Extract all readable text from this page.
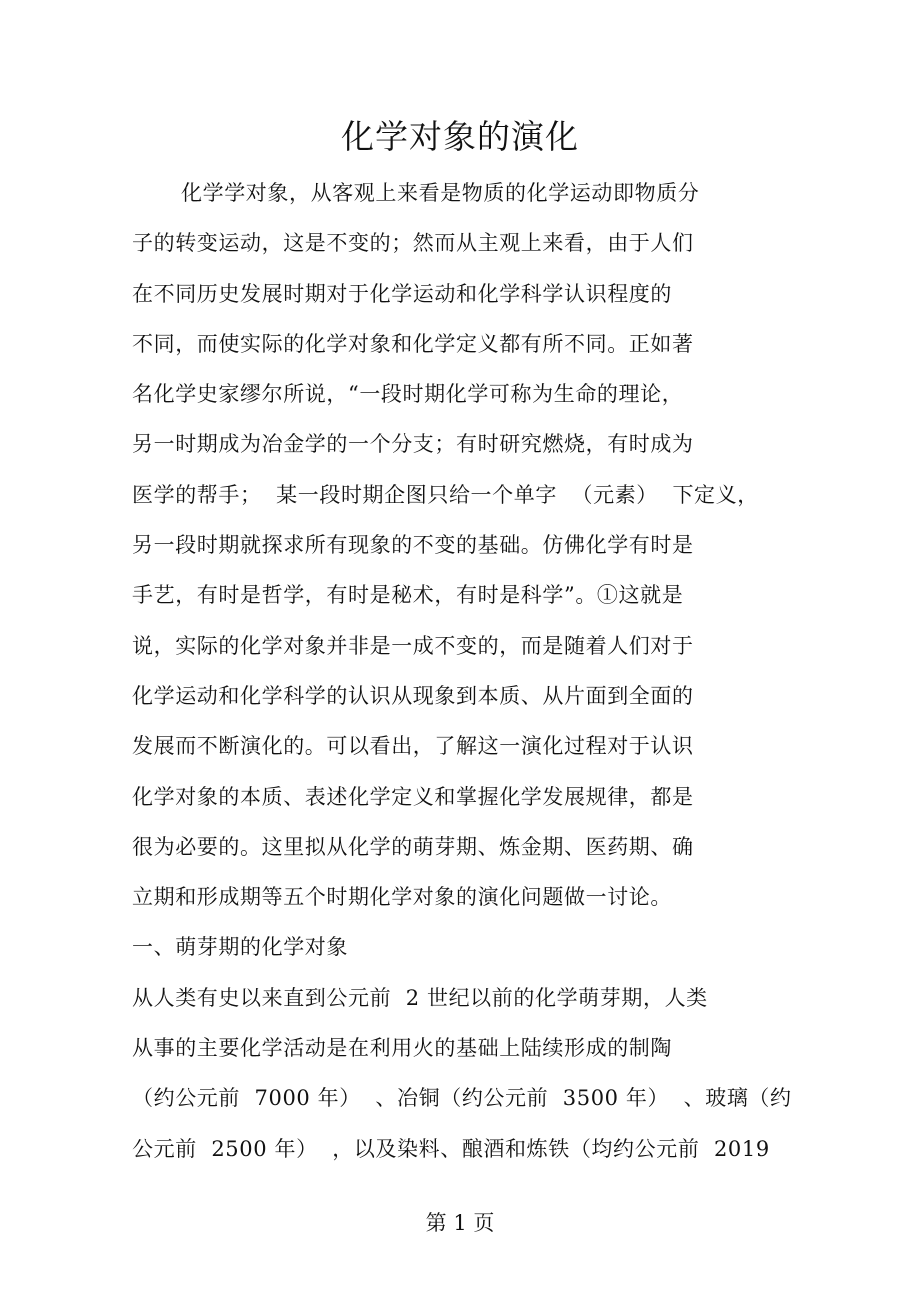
化学对象的演化
化学学对象，从客观上来看是物质的化学运动即物质分
子的转变运动，这是不变的；然而从主观上来看，由于人们
在不同历史发展时期对于化学运动和化学科学认识程度的
不同，而使实际的化学对象和化学定义都有所不同。正如著
名化学史家缪尔所说，“一段时期化学可称为生命的理论，
另一时期成为冶金学的一个分支；有时研究燃烧，有时成为
医学的帮手；  某一段时期企图只给一个单字  （元素）  下定义，
另一段时期就探求所有现象的不变的基础。仿佛化学有时是
手艺，有时是哲学，有时是秘术，有时是科学”。①这就是
说，实际的化学对象并非是一成不变的，而是随着人们对于
化学运动和化学科学的认识从现象到本质、从片面到全面的
发展而不断演化的。可以看出，了解这一演化过程对于认识
化学对象的本质、表述化学定义和掌握化学发展规律，都是
很为必要的。这里拟从化学的萌芽期、炼金期、医药期、确
立期和形成期等五个时期化学对象的演化问题做一讨论。
一、萌芽期的化学对象
从人类有史以来直到公元前  2 世纪以前的化学萌芽期，人类
从事的主要化学活动是在利用火的基础上陆续形成的制陶
（约公元前  7000 年）  、冶铜（约公元前  3500 年）  、玻璃（约
公元前  2500 年）  ，以及染料、酿酒和炼铁（均约公元前  2019
第 1 页
